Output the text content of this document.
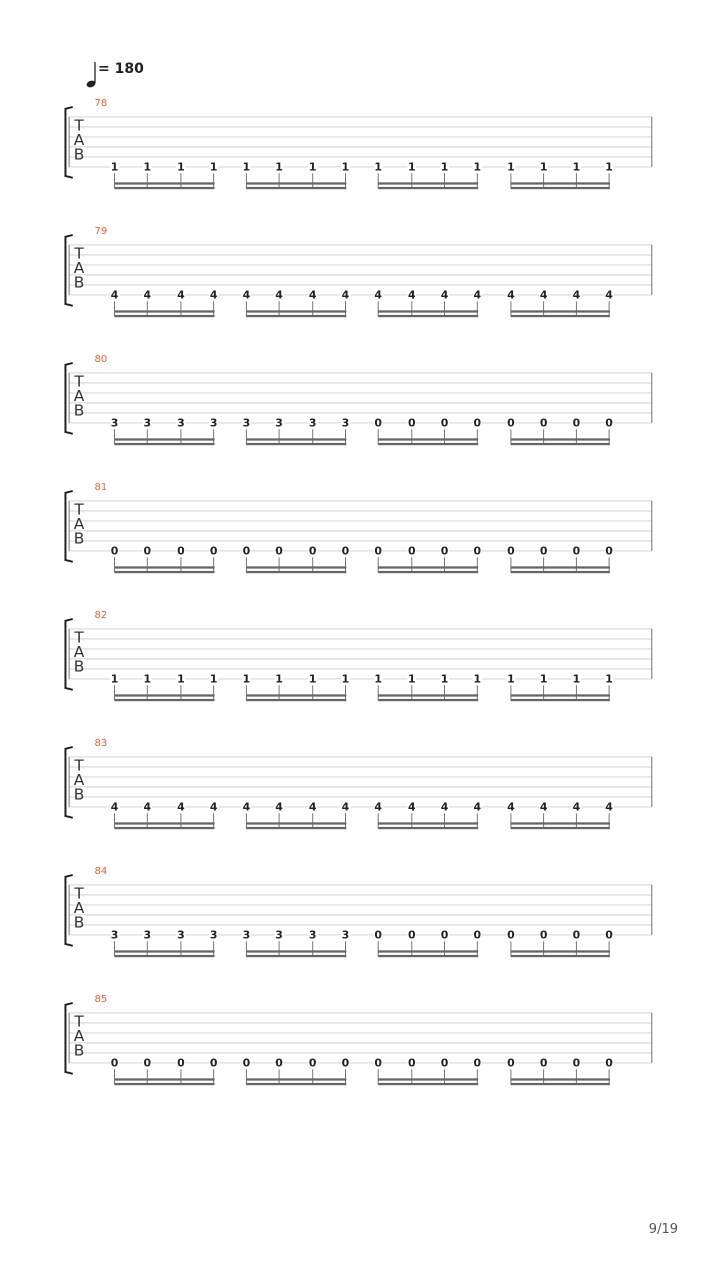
= 180
78
T
A
B
1 1 1 1 1 1 1 1 1 1 1 1 1 1 1 1
79
T
A
B
4 4 4 4 4 4 4 4 4 4 4 4 4 4 4 4
80
T
A
B
3 3 3 3 3 3 3 3 0 0 0 0 0 0 0 0
81
T
A
B
0 0 0 0 0 0 0 0 0 0 0 0 0 0 0 0
82
T
A
B
1 1 1 1 1 1 1 1 1 1 1 1 1 1 1 1
83
T
A
B
4 4 4 4 4 4 4 4 4 4 4 4 4 4 4 4
84
T
A
B
3 3 3 3 3 3 3 3 0 0 0 0 0 0 0 0
85
T
A
B
0 0 0 0 0 0 0 0 0 0 0 0 0 0 0 0
9/19
